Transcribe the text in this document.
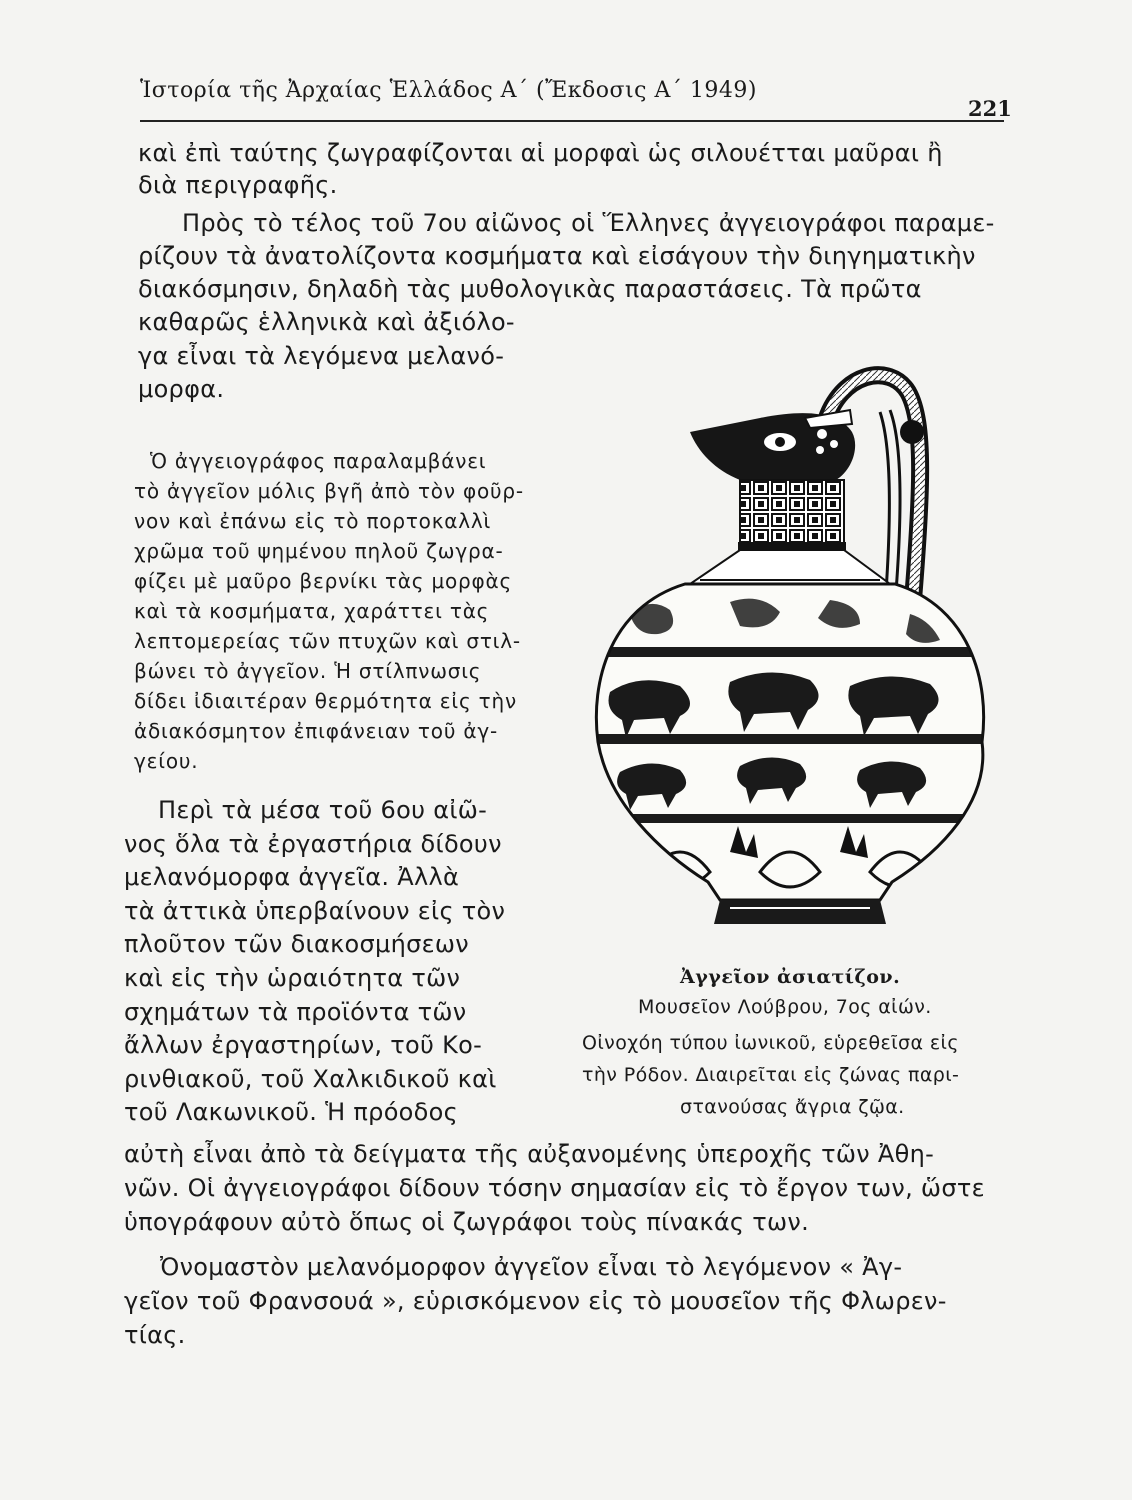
Ἱστορία τῆς Ἀρχαίας Ἑλλάδος Α΄ (Ἔκδοσις Α΄ 1949)
221
καὶ ἐπὶ ταύτης ζωγραφίζονται αἱ μορφαὶ ὡς σιλουέτται μαῦραι ἢ
διὰ περιγραφῆς.
Πρὸς τὸ τέλος τοῦ 7ου αἰῶνος οἱ Ἕλληνες ἀγγειογράφοι παραμε-
ρίζουν τὰ ἀνατολίζοντα κοσμήματα καὶ εἰσάγουν τὴν διηγηματικὴν
διακόσμησιν, δηλαδὴ τὰς μυθολογικὰς παραστάσεις. Τὰ πρῶτα
καθαρῶς ἑλληνικὰ καὶ ἀξιόλο-
γα εἶναι τὰ λεγόμενα μελανό-
μορφα.
Ὁ ἀγγειογράφος παραλαμβάνει
τὸ ἀγγεῖον μόλις βγῆ ἀπὸ τὸν φοῦρ-
νον καὶ ἐπάνω εἰς τὸ πορτοκαλλὶ
χρῶμα τοῦ ψημένου πηλοῦ ζωγρα-
φίζει μὲ μαῦρο βερνίκι τὰς μορφὰς
καὶ τὰ κοσμήματα, χαράττει τὰς
λεπτομερείας τῶν πτυχῶν καὶ στιλ-
βώνει τὸ ἀγγεῖον. Ἡ στίλπνωσις
δίδει ἰδιαιτέραν θερμότητα εἰς τὴν
ἀδιακόσμητον ἐπιφάνειαν τοῦ ἀγ-
γείου.
Περὶ τὰ μέσα τοῦ 6ου αἰῶ-
νος ὅλα τὰ ἐργαστήρια δίδουν
μελανόμορφα ἀγγεῖα. Ἀλλὰ
τὰ ἀττικὰ ὑπερβαίνουν εἰς τὸν
πλοῦτον τῶν διακοσμήσεων
καὶ εἰς τὴν ὡραιότητα τῶν
σχημάτων τὰ προϊόντα τῶν
ἄλλων ἐργαστηρίων, τοῦ Κο-
ρινθιακοῦ, τοῦ Χαλκιδικοῦ καὶ
τοῦ Λακωνικοῦ. Ἡ πρόοδος
αὐτὴ εἶναι ἀπὸ τὰ δείγματα τῆς αὐξανομένης ὑπεροχῆς τῶν Ἀθη-
νῶν. Οἱ ἀγγειογράφοι δίδουν τόσην σημασίαν εἰς τὸ ἔργον των, ὥστε
ὑπογράφουν αὐτὸ ὅπως οἱ ζωγράφοι τοὺς πίνακάς των.
Ὀνομαστὸν μελανόμορφον ἀγγεῖον εἶναι τὸ λεγόμενον « Ἀγ-
γεῖον τοῦ Φρανσουά », εὑρισκόμενον εἰς τὸ μουσεῖον τῆς Φλωρεν-
τίας.
Ἀγγεῖον ἀσιατίζον.
Μουσεῖον Λούβρου, 7ος αἰών.
Οἰνοχόη τύπου ἰωνικοῦ, εὑρεθεῖσα εἰς
τὴν Ρόδον. Διαιρεῖται εἰς ζώνας παρι-
στανούσας ἄγρια ζῷα.
